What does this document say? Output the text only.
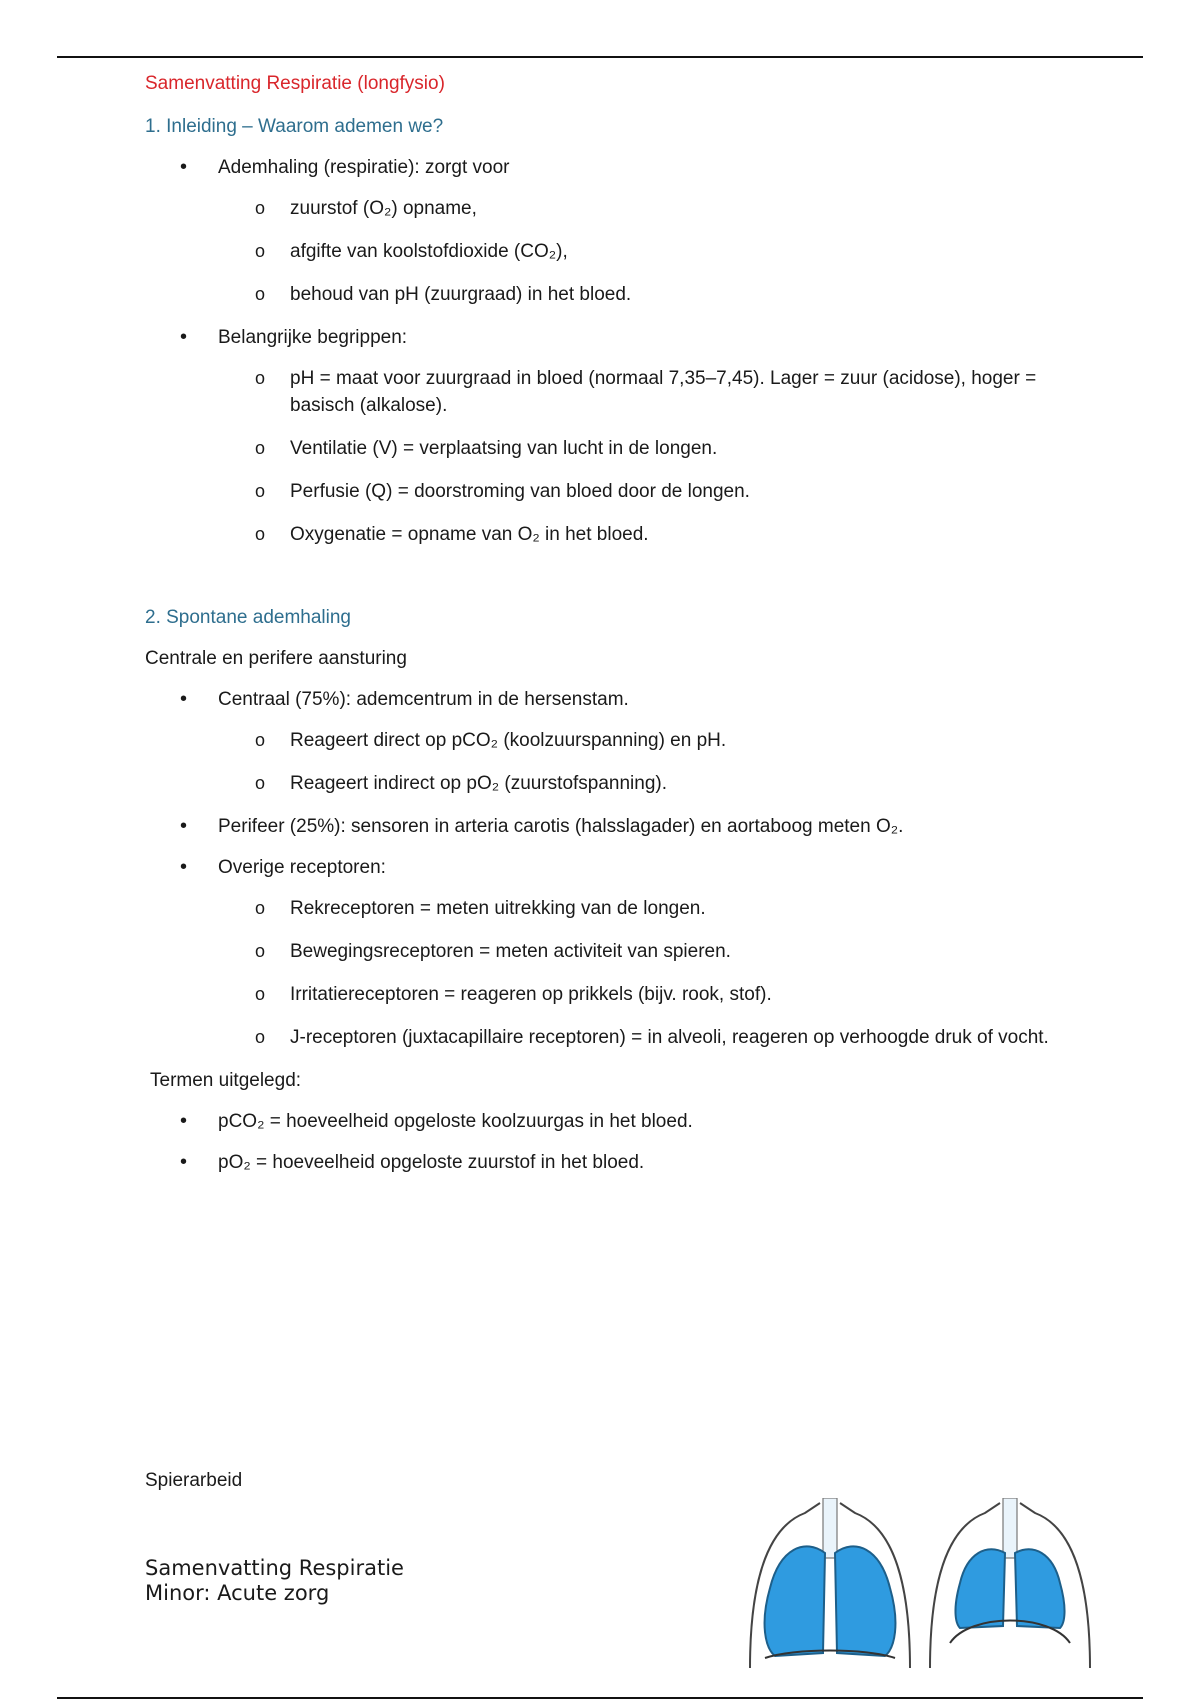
Samenvatting Respiratie (longfysio)
1. Inleiding – Waarom ademen we?
• Ademhaling (respiratie): zorgt voor
o zuurstof (O₂) opname,
o afgifte van koolstofdioxide (CO₂),
o behoud van pH (zuurgraad) in het bloed.
• Belangrijke begrippen:
o pH = maat voor zuurgraad in bloed (normaal 7,35–7,45). Lager = zuur (acidose), hoger = basisch (alkalose).
o Ventilatie (V) = verplaatsing van lucht in de longen.
o Perfusie (Q) = doorstroming van bloed door de longen.
o Oxygenatie = opname van O₂ in het bloed.
2. Spontane ademhaling
Centrale en perifere aansturing
• Centraal (75%): ademcentrum in de hersenstam.
o Reageert direct op pCO₂ (koolzuurspanning) en pH.
o Reageert indirect op pO₂ (zuurstofspanning).
• Perifeer (25%): sensoren in arteria carotis (halsslagader) en aortaboog meten O₂.
• Overige receptoren:
o Rekreceptoren = meten uitrekking van de longen.
o Bewegingsreceptoren = meten activiteit van spieren.
o Irritatiereceptoren = reageren op prikkels (bijv. rook, stof).
o J-receptoren (juxtacapillaire receptoren) = in alveoli, reageren op verhoogde druk of vocht.
Termen uitgelegd:
• pCO₂ = hoeveelheid opgeloste koolzuurgas in het bloed.
• pO₂ = hoeveelheid opgeloste zuurstof in het bloed.
Spierarbeid
Samenvatting Respiratie
Minor: Acute zorg
